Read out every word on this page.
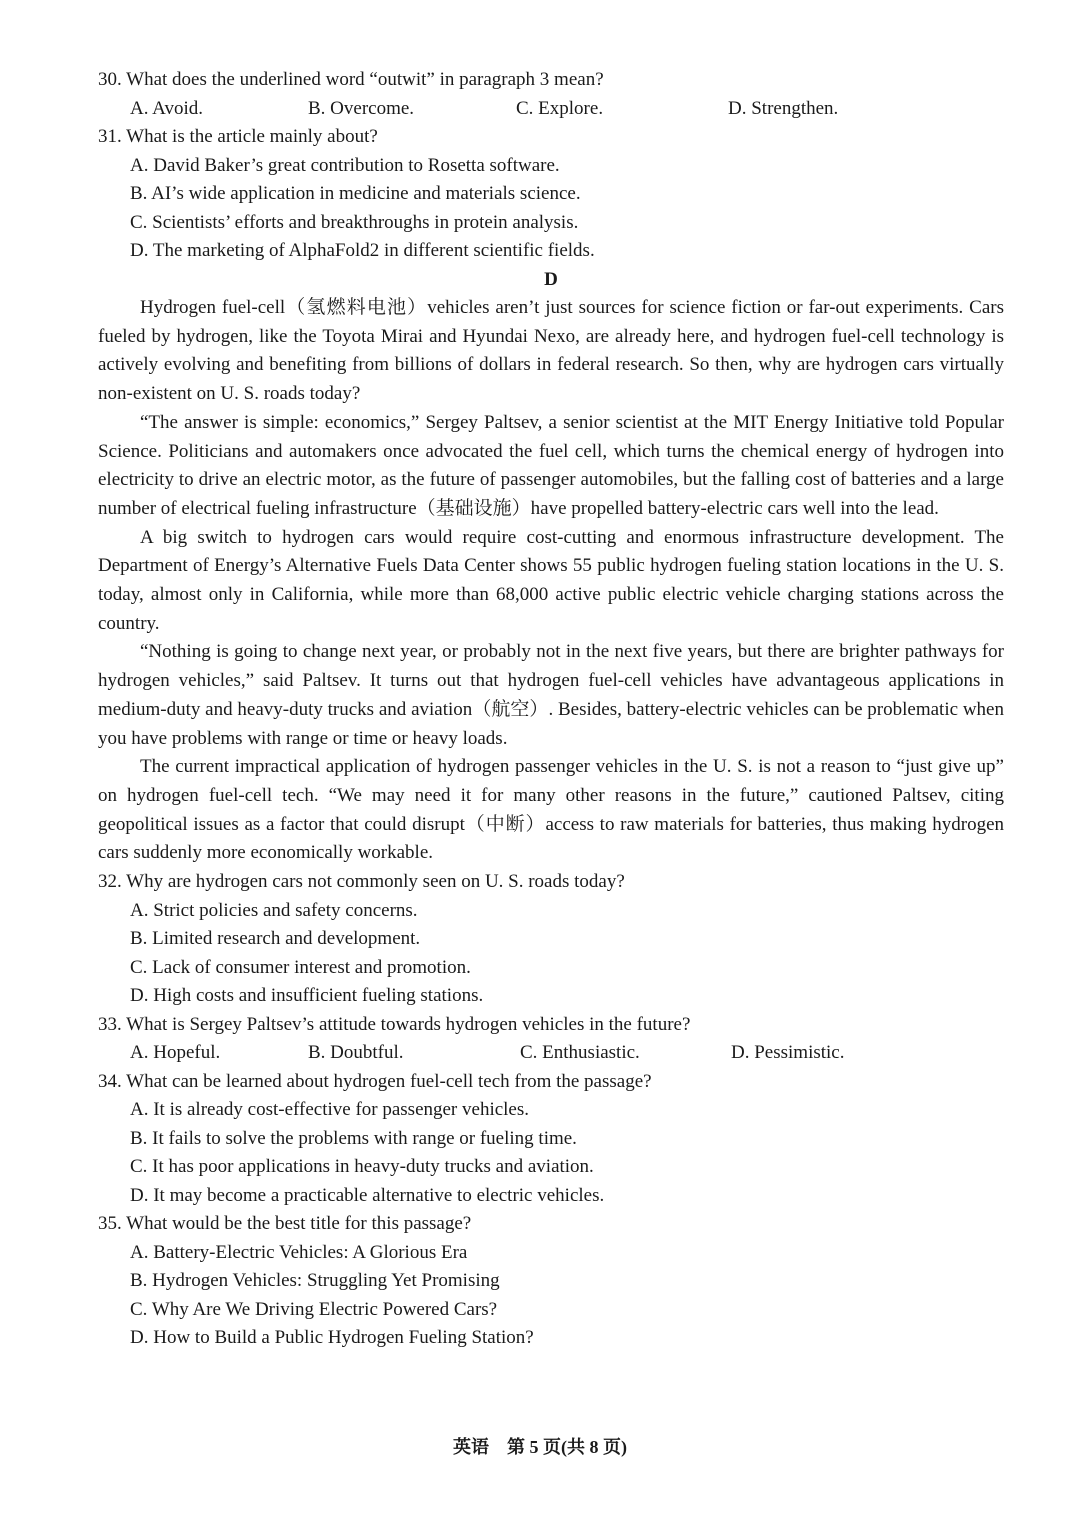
30. What does the underlined word “outwit” in paragraph 3 mean?
A. Avoid.	B. Overcome.	C. Explore.	D. Strengthen.
31. What is the article mainly about?
A. David Baker’s great contribution to Rosetta software.
B. AI’s wide application in medicine and materials science.
C. Scientists’ efforts and breakthroughs in protein analysis.
D. The marketing of AlphaFold2 in different scientific fields.
D

Hydrogen fuel-cell（氢燃料电池）vehicles aren’t just sources for science fiction or far-out experiments. Cars fueled by hydrogen, like the Toyota Mirai and Hyundai Nexo, are already here, and hydrogen fuel-cell technology is actively evolving and benefiting from billions of dollars in federal research. So then, why are hydrogen cars virtually non-existent on U. S. roads today?

“The answer is simple: economics,” Sergey Paltsev, a senior scientist at the MIT Energy Initiative told Popular Science. Politicians and automakers once advocated the fuel cell, which turns the chemical energy of hydrogen into electricity to drive an electric motor, as the future of passenger automobiles, but the falling cost of batteries and a large number of electrical fueling infrastructure（基础设施）have propelled battery-electric cars well into the lead.

A big switch to hydrogen cars would require cost-cutting and enormous infrastructure development. The Department of Energy’s Alternative Fuels Data Center shows 55 public hydrogen fueling station locations in the U. S. today, almost only in California, while more than 68,000 active public electric vehicle charging stations across the country.

“Nothing is going to change next year, or probably not in the next five years, but there are brighter pathways for hydrogen vehicles,” said Paltsev. It turns out that hydrogen fuel-cell vehicles have advantageous applications in medium-duty and heavy-duty trucks and aviation（航空）. Besides, battery-electric vehicles can be problematic when you have problems with range or time or heavy loads.

The current impractical application of hydrogen passenger vehicles in the U. S. is not a reason to “just give up” on hydrogen fuel-cell tech. “We may need it for many other reasons in the future,” cautioned Paltsev, citing geopolitical issues as a factor that could disrupt（中断）access to raw materials for batteries, thus making hydrogen cars suddenly more economically workable.

32. Why are hydrogen cars not commonly seen on U. S. roads today?
A. Strict policies and safety concerns.
B. Limited research and development.
C. Lack of consumer interest and promotion.
D. High costs and insufficient fueling stations.
33. What is Sergey Paltsev’s attitude towards hydrogen vehicles in the future?
A. Hopeful.	B. Doubtful.	C. Enthusiastic.	D. Pessimistic.
34. What can be learned about hydrogen fuel-cell tech from the passage?
A. It is already cost-effective for passenger vehicles.
B. It fails to solve the problems with range or fueling time.
C. It has poor applications in heavy-duty trucks and aviation.
D. It may become a practicable alternative to electric vehicles.
35. What would be the best title for this passage?
A. Battery-Electric Vehicles: A Glorious Era
B. Hydrogen Vehicles: Struggling Yet Promising
C. Why Are We Driving Electric Powered Cars?
D. How to Build a Public Hydrogen Fueling Station?
英语　第 5 页(共 8 页)
